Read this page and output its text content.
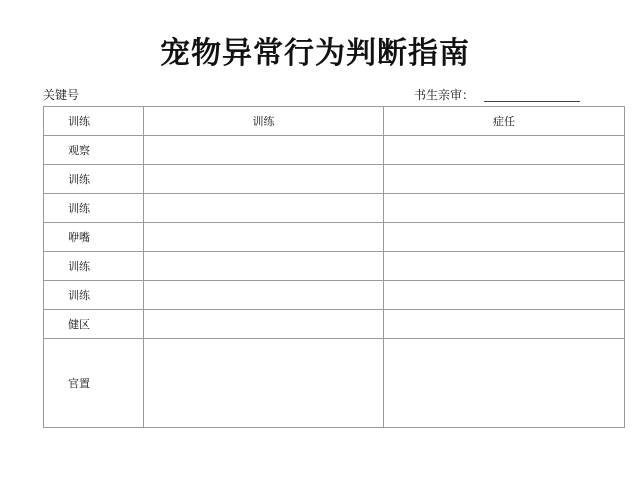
宠物异常行为判断指南
关键号	书生亲审：
训练	训练	症任
观察		
训练		
训练		
咿嘴		
训练		
训练		
健区		
官置		
